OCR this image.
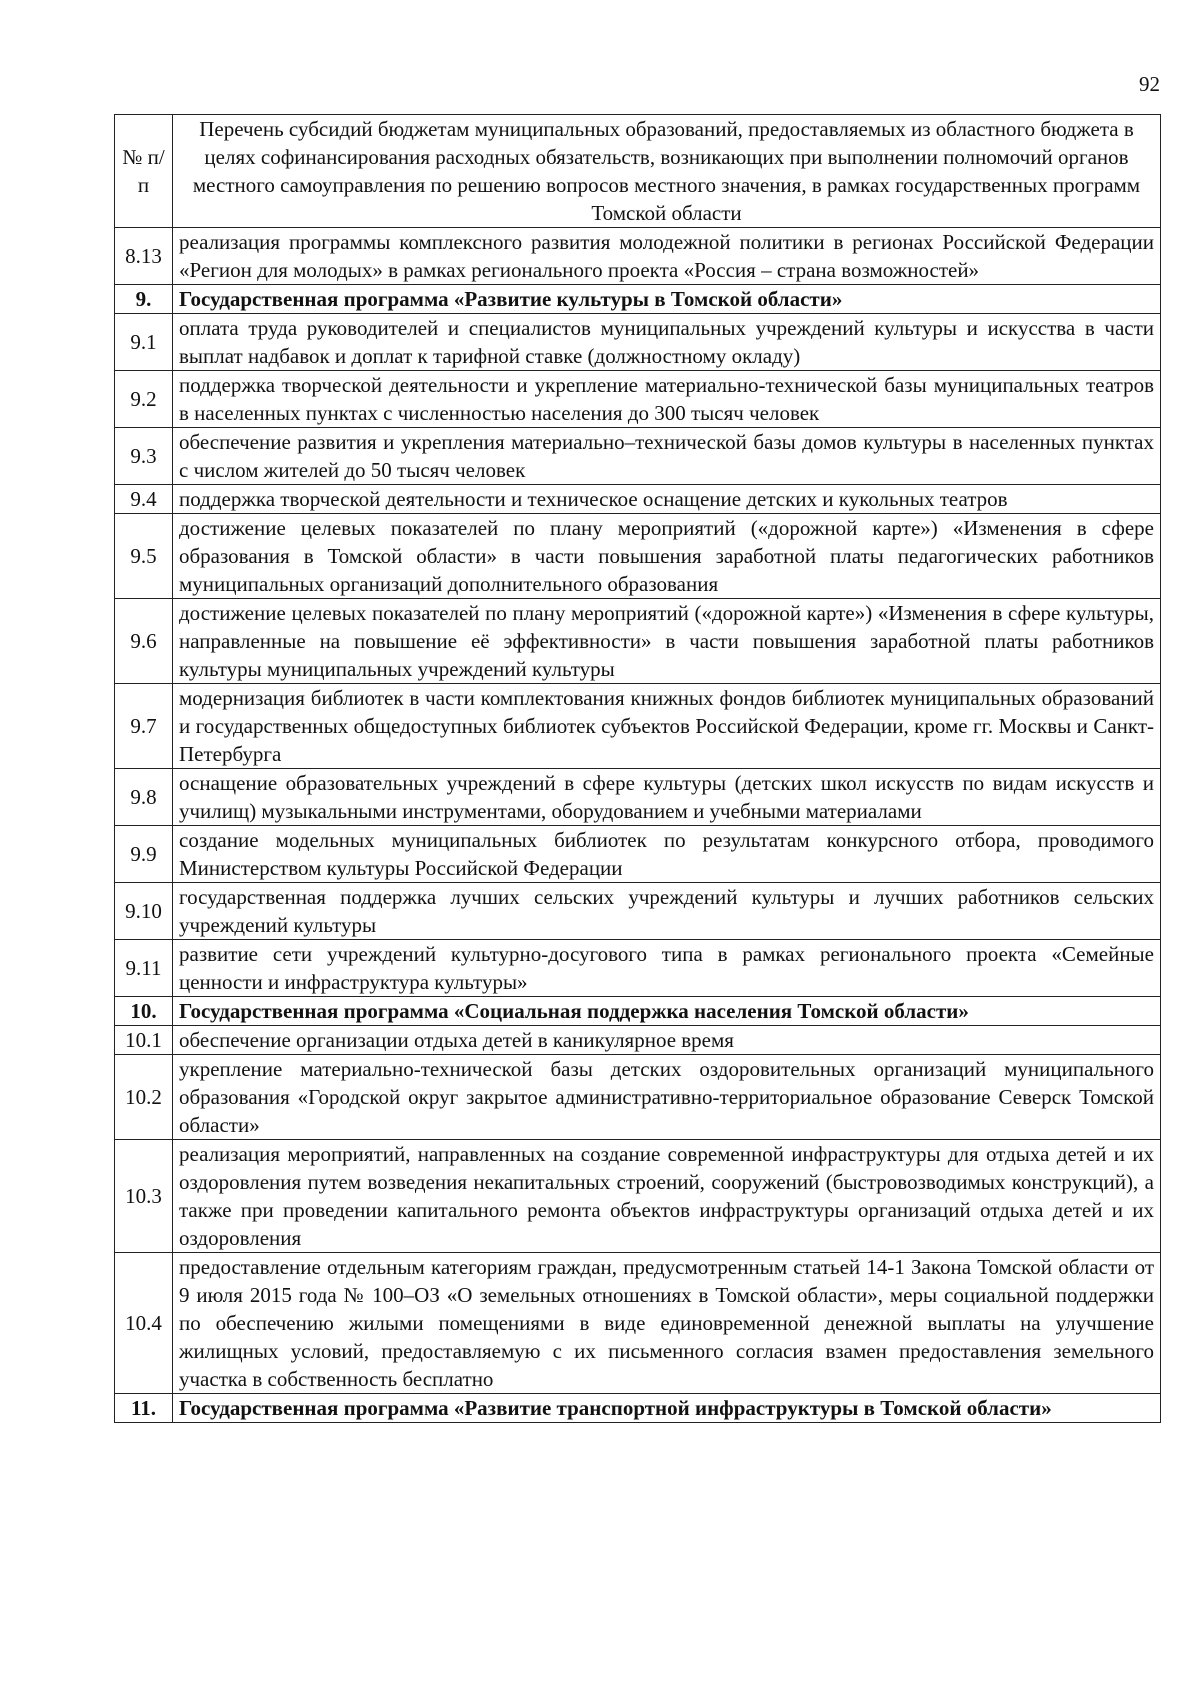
92
№ п/п	Перечень субсидий бюджетам муниципальных образований, предоставляемых из областного бюджета в целях софинансирования расходных обязательств, возникающих при выполнении полномочий органов местного самоуправления по решению вопросов местного значения, в рамках государственных программ Томской области
8.13	реализация программы комплексного развития молодежной политики в регионах Российской Федерации «Регион для молодых» в рамках регионального проекта «Россия – страна возможностей»
9.	Государственная программа «Развитие культуры в Томской области»
9.1	оплата труда руководителей и специалистов муниципальных учреждений культуры и искусства в части выплат надбавок и доплат к тарифной ставке (должностному окладу)
9.2	поддержка творческой деятельности и укрепление материально-технической базы муниципальных театров в населенных пунктах с численностью населения до 300 тысяч человек
9.3	обеспечение развития и укрепления материально–технической базы домов культуры в населенных пунктах с числом жителей до 50 тысяч человек
9.4	поддержка творческой деятельности и техническое оснащение детских и кукольных театров
9.5	достижение целевых показателей по плану мероприятий («дорожной карте») «Изменения в сфере образования в Томской области» в части повышения заработной платы педагогических работников муниципальных организаций дополнительного образования
9.6	достижение целевых показателей по плану мероприятий («дорожной карте») «Изменения в сфере культуры, направленные на повышение её эффективности» в части повышения заработной платы работников культуры муниципальных учреждений культуры
9.7	модернизация библиотек в части комплектования книжных фондов библиотек муниципальных образований и государственных общедоступных библиотек субъектов Российской Федерации, кроме гг. Москвы и Санкт-Петербурга
9.8	оснащение образовательных учреждений в сфере культуры (детских школ искусств по видам искусств и училищ) музыкальными инструментами, оборудованием и учебными материалами
9.9	создание модельных муниципальных библиотек по результатам конкурсного отбора, проводимого Министерством культуры Российской Федерации
9.10	государственная поддержка лучших сельских учреждений культуры и лучших работников сельских учреждений культуры
9.11	развитие сети учреждений культурно-досугового типа в рамках регионального проекта «Семейные ценности и инфраструктура культуры»
10.	Государственная программа «Социальная поддержка населения Томской области»
10.1	обеспечение организации отдыха детей в каникулярное время
10.2	укрепление материально-технической базы детских оздоровительных организаций муниципального образования «Городской округ закрытое административно-территориальное образование Северск Томской области»
10.3	реализация мероприятий, направленных на создание современной инфраструктуры для отдыха детей и их оздоровления путем возведения некапитальных строений, сооружений (быстровозводимых конструкций), а также при проведении капитального ремонта объектов инфраструктуры организаций отдыха детей и их оздоровления
10.4	предоставление отдельным категориям граждан, предусмотренным статьей 14-1 Закона Томской области от 9 июля 2015 года № 100–ОЗ «О земельных отношениях в Томской области», меры социальной поддержки по обеспечению жилыми помещениями в виде единовременной денежной выплаты на улучшение жилищных условий, предоставляемую с их письменного согласия взамен предоставления земельного участка в собственность бесплатно
11.	Государственная программа «Развитие транспортной инфраструктуры в Томской области»
